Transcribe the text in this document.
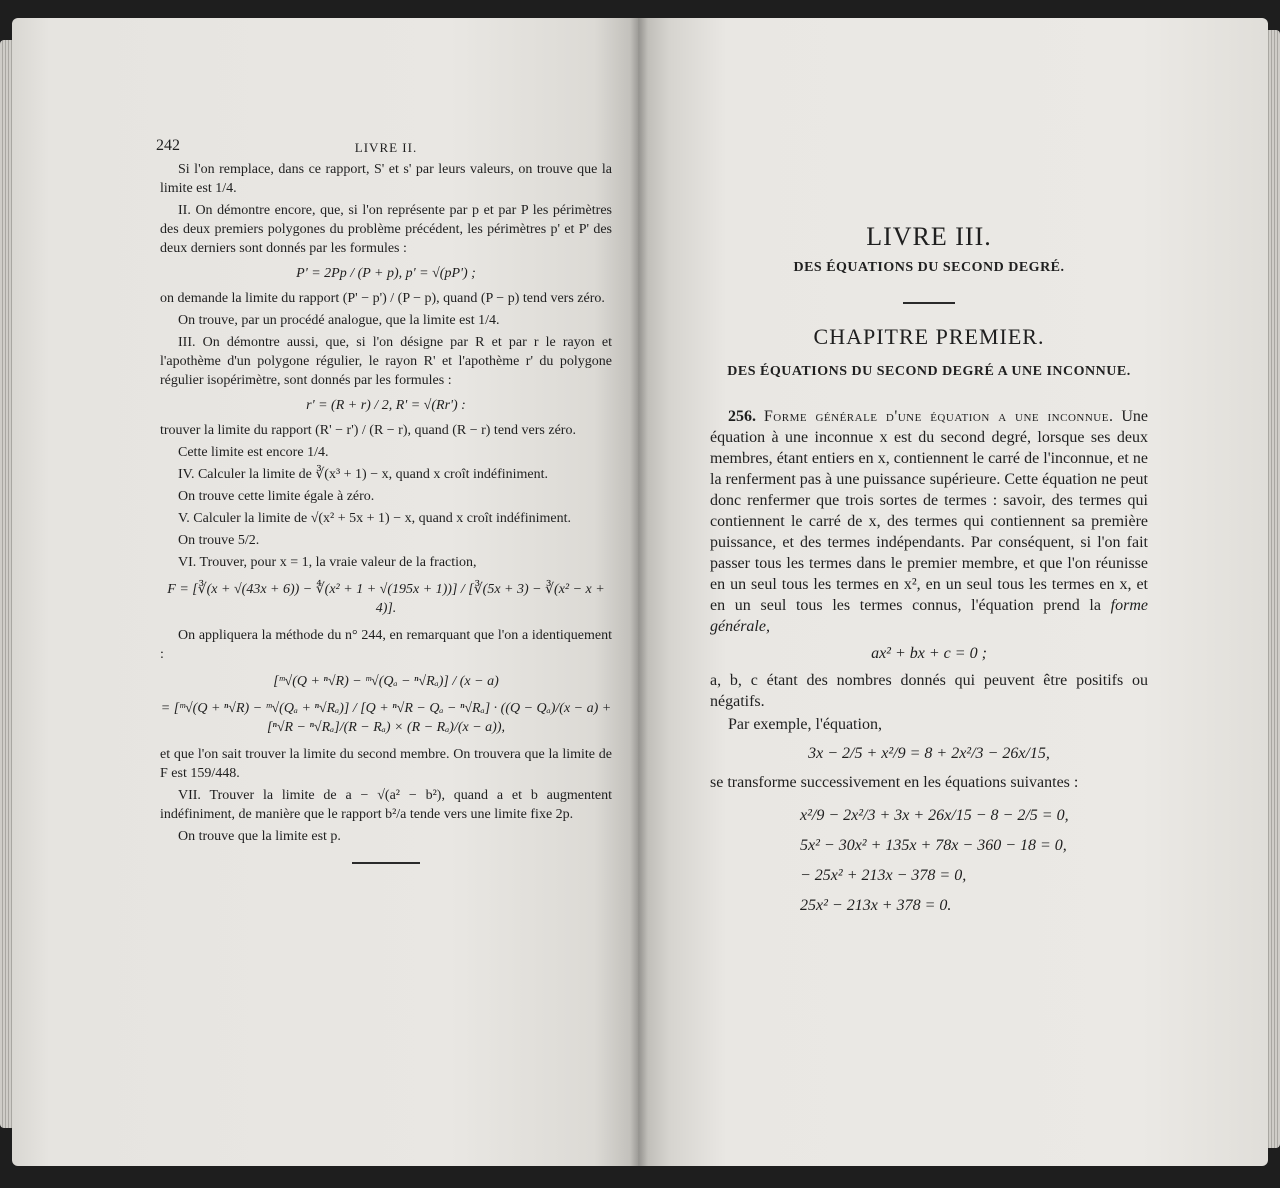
242	LIVRE II.

Si l'on remplace, dans ce rapport, S' et s' par leurs valeurs, on trouve que la limite est 1/4.

II. On démontre encore, que, si l'on représente par p et par P les périmètres des deux premiers polygones du problème précédent, les périmètres p' et P' des deux derniers sont donnés par les formules :

P' = 2Pp / (P + p), p' = √(pP') ;

on demande la limite du rapport (P' − p') / (P − p), quand (P − p) tend vers zéro.

On trouve, par un procédé analogue, que la limite est 1/4.

III. On démontre aussi, que, si l'on désigne par R et par r le rayon et l'apothème d'un polygone régulier, le rayon R' et l'apothème r' du polygone régulier isopérimètre, sont donnés par les formules :

r' = (R + r) / 2, R' = √(Rr') :

trouver la limite du rapport (R' − r') / (R − r), quand (R − r) tend vers zéro.

Cette limite est encore 1/4.

IV. Calculer la limite de ∛(x³ + 1) − x, quand x croît indéfiniment.

On trouve cette limite égale à zéro.

V. Calculer la limite de √(x² + 5x + 1) − x, quand x croît indéfiniment.

On trouve 5/2.

VI. Trouver, pour x = 1, la vraie valeur de la fraction,

F = [∛(x + √(43x + 6)) − ∜(x² + 1 + √(195x + 1))] / [∛(5x + 3) − ∛(x² − x + 4)].

On appliquera la méthode du n° 244, en remarquant que l'on a identiquement :

[ᵐ√(Q + ⁿ√R) − ᵐ√(Qₐ − ⁿ√Rₐ)] / (x − a)
= [ᵐ√(Q + ⁿ√R) − ᵐ√(Qₐ + ⁿ√Rₐ)] / [Q + ⁿ√R − Qₐ − ⁿ√Rₐ] · ((Q − Qₐ)/(x − a) + [ⁿ√R − ⁿ√Rₐ]/(R − Rₐ) × (R − Rₐ)/(x − a)),

et que l'on sait trouver la limite du second membre. On trouvera que la limite de F est 159/448.

VII. Trouver la limite de a − √(a² − b²), quand a et b augmentent indéfiniment, de manière que le rapport b²/a tende vers une limite fixe 2p.

On trouve que la limite est p.

LIVRE III.
DES ÉQUATIONS DU SECOND DEGRÉ.
CHAPITRE PREMIER.
DES ÉQUATIONS DU SECOND DEGRÉ A UNE INCONNUE.

256. Forme générale d'une équation a une inconnue. Une équation à une inconnue x est du second degré, lorsque ses deux membres, étant entiers en x, contiennent le carré de l'inconnue, et ne la renferment pas à une puissance supérieure. Cette équation ne peut donc renfermer que trois sortes de termes : savoir, des termes qui contiennent le carré de x, des termes qui contiennent sa première puissance, et des termes indépendants. Par conséquent, si l'on fait passer tous les termes dans le premier membre, et que l'on réunisse en un seul tous les termes en x², en un seul tous les termes en x, et en un seul tous les termes connus, l'équation prend la forme générale,

ax² + bx + c = 0 ;

a, b, c étant des nombres donnés qui peuvent être positifs ou négatifs.

Par exemple, l'équation,

3x − 2/5 + x²/9 = 8 + 2x²/3 − 26x/15,

se transforme successivement en les équations suivantes :

x²/9 − 2x²/3 + 3x + 26x/15 − 8 − 2/5 = 0,
5x² − 30x² + 135x + 78x − 360 − 18 = 0,
− 25x² + 213x − 378 = 0,
25x² − 213x + 378 = 0.
